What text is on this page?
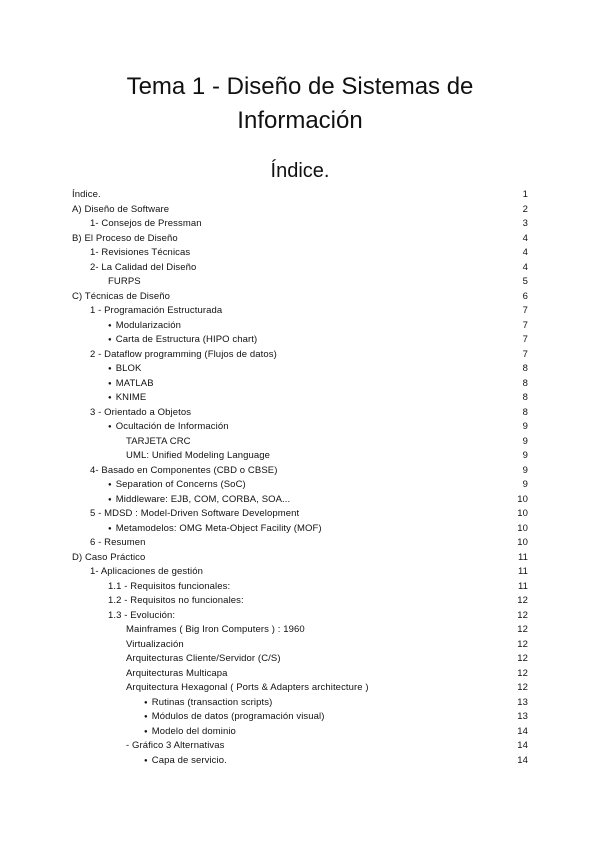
Tema 1 - Diseño de Sistemas de
Información
Índice.
Índice.	1
A) Diseño de Software	2
1- Consejos de Pressman	3
B) El Proceso de Diseño	4
1- Revisiones Técnicas	4
2- La Calidad del Diseño	4
FURPS	5
C) Técnicas de Diseño	6
1 - Programación Estructurada	7
● Modularización	7
● Carta de Estructura (HIPO chart)	7
2 - Dataflow programming (Flujos de datos)	7
● BLOK	8
● MATLAB	8
● KNIME	8
3 - Orientado a Objetos	8
● Ocultación de Información	9
TARJETA CRC	9
UML: Unified Modeling Language	9
4- Basado en Componentes (CBD o CBSE)	9
● Separation of Concerns (SoC)	9
● Middleware: EJB, COM, CORBA, SOA...	10
5 - MDSD : Model-Driven Software Development	10
● Metamodelos: OMG Meta-Object Facility (MOF)	10
6 - Resumen	10
D) Caso Práctico	11
1- Aplicaciones de gestión	11
1.1 - Requisitos funcionales:	11
1.2 - Requisitos no funcionales:	12
1.3 - Evolución:	12
Mainframes ( Big Iron Computers ) : 1960	12
Virtualización	12
Arquitecturas Cliente/Servidor (C/S)	12
Arquitecturas Multicapa	12
Arquitectura Hexagonal ( Ports & Adapters architecture )	12
● Rutinas (transaction scripts)	13
● Módulos de datos (programación visual)	13
● Modelo del dominio	14
- Gráfico 3 Alternativas	14
● Capa de servicio.	14
